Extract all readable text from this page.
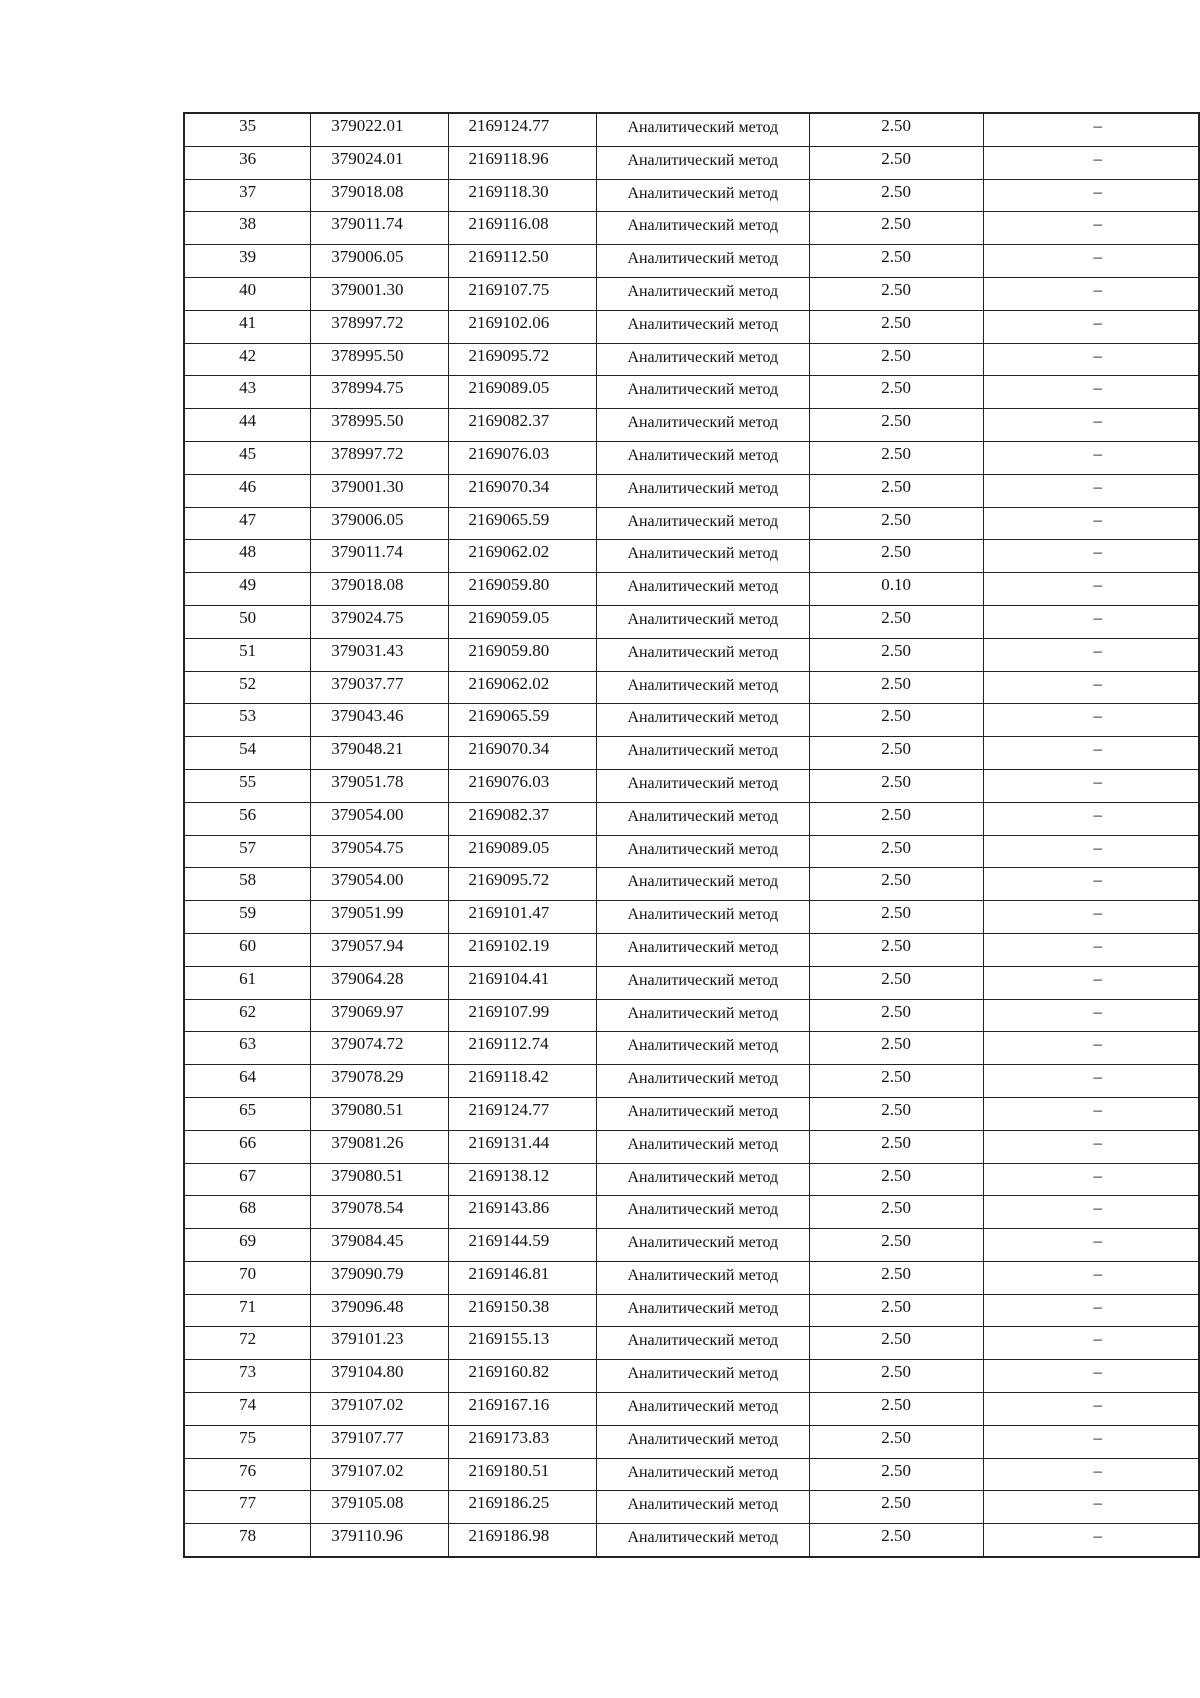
35	379022.01	2169124.77	Аналитический метод	2.50	–

36	379024.01	2169118.96	Аналитический метод	2.50	–

37	379018.08	2169118.30	Аналитический метод	2.50	–

38	379011.74	2169116.08	Аналитический метод	2.50	–

39	379006.05	2169112.50	Аналитический метод	2.50	–

40	379001.30	2169107.75	Аналитический метод	2.50	–

41	378997.72	2169102.06	Аналитический метод	2.50	–

42	378995.50	2169095.72	Аналитический метод	2.50	–

43	378994.75	2169089.05	Аналитический метод	2.50	–

44	378995.50	2169082.37	Аналитический метод	2.50	–

45	378997.72	2169076.03	Аналитический метод	2.50	–

46	379001.30	2169070.34	Аналитический метод	2.50	–

47	379006.05	2169065.59	Аналитический метод	2.50	–

48	379011.74	2169062.02	Аналитический метод	2.50	–

49	379018.08	2169059.80	Аналитический метод	0.10	–

50	379024.75	2169059.05	Аналитический метод	2.50	–

51	379031.43	2169059.80	Аналитический метод	2.50	–

52	379037.77	2169062.02	Аналитический метод	2.50	–

53	379043.46	2169065.59	Аналитический метод	2.50	–

54	379048.21	2169070.34	Аналитический метод	2.50	–

55	379051.78	2169076.03	Аналитический метод	2.50	–

56	379054.00	2169082.37	Аналитический метод	2.50	–

57	379054.75	2169089.05	Аналитический метод	2.50	–

58	379054.00	2169095.72	Аналитический метод	2.50	–

59	379051.99	2169101.47	Аналитический метод	2.50	–

60	379057.94	2169102.19	Аналитический метод	2.50	–

61	379064.28	2169104.41	Аналитический метод	2.50	–

62	379069.97	2169107.99	Аналитический метод	2.50	–

63	379074.72	2169112.74	Аналитический метод	2.50	–

64	379078.29	2169118.42	Аналитический метод	2.50	–

65	379080.51	2169124.77	Аналитический метод	2.50	–

66	379081.26	2169131.44	Аналитический метод	2.50	–

67	379080.51	2169138.12	Аналитический метод	2.50	–

68	379078.54	2169143.86	Аналитический метод	2.50	–

69	379084.45	2169144.59	Аналитический метод	2.50	–

70	379090.79	2169146.81	Аналитический метод	2.50	–

71	379096.48	2169150.38	Аналитический метод	2.50	–

72	379101.23	2169155.13	Аналитический метод	2.50	–

73	379104.80	2169160.82	Аналитический метод	2.50	–

74	379107.02	2169167.16	Аналитический метод	2.50	–

75	379107.77	2169173.83	Аналитический метод	2.50	–

76	379107.02	2169180.51	Аналитический метод	2.50	–

77	379105.08	2169186.25	Аналитический метод	2.50	–

78	379110.96	2169186.98	Аналитический метод	2.50	–
